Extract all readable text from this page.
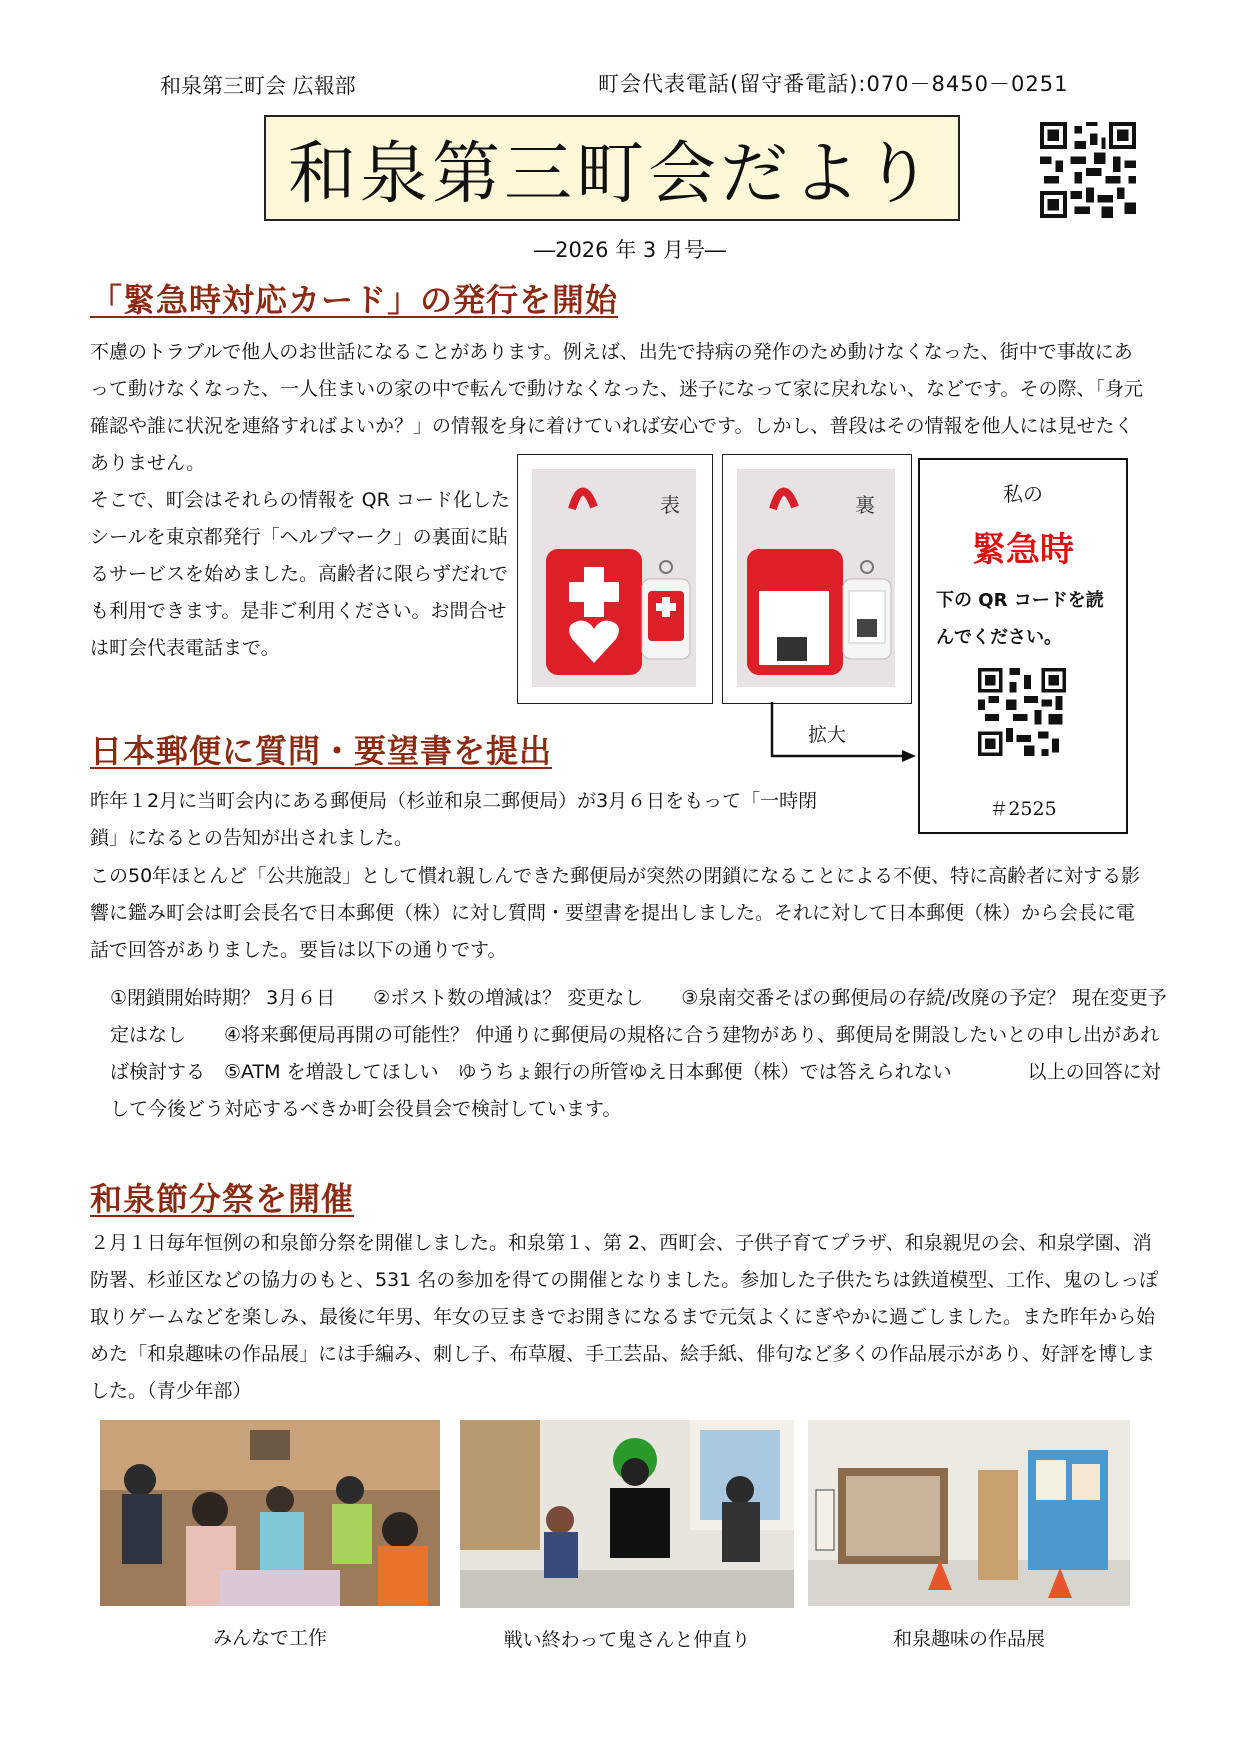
和泉第三町会 広報部	町会代表電話(留守番電話):070－8450－0251
和泉第三町会だより
―2026 年 3 月号―
「緊急時対応カード」の発行を開始
不慮のトラブルで他人のお世話になることがあります。例えば、出先で持病の発作のため動けなくなった、街中で事故にあって動けなくなった、一人住まいの家の中で転んで動けなくなった、迷子になって家に戻れない、などです。その際、「身元確認や誰に状況を連絡すればよいか？」の情報を身に着けていれば安心です。しかし、普段はその情報を他人には見せたくありません。
そこで、町会はそれらの情報を QR コード化したシールを東京都発行「ヘルプマーク」の裏面に貼るサービスを始めました。高齢者に限らずだれでも利用できます。是非ご利用ください。お問合せは町会代表電話まで。
表	裏
拡大
私の
緊急時
下の QR コードを読んでください。
＃2525
日本郵便に質問・要望書を提出
昨年１2月に当町会内にある郵便局（杉並和泉二郵便局）が3月６日をもって「一時閉鎖」になるとの告知が出されました。
この50年ほとんど「公共施設」として慣れ親しんできた郵便局が突然の閉鎖になることによる不便、特に高齢者に対する影響に鑑み町会は町会長名で日本郵便（株）に対し質問・要望書を提出しました。それに対して日本郵便（株）から会長に電話で回答がありました。要旨は以下の通りです。
①閉鎖開始時期？ 3月６日　　②ポスト数の増減は？ 変更なし　　③泉南交番そばの郵便局の存続/改廃の予定？ 現在変更予定はなし　　④将来郵便局再開の可能性？ 仲通りに郵便局の規格に合う建物があり、郵便局を開設したいとの申し出があれば検討する　⑤ATM を増設してほしい　ゆうちょ銀行の所管ゆえ日本郵便（株）では答えられない　　　　以上の回答に対して今後どう対応するべきか町会役員会で検討しています。
和泉節分祭を開催
２月１日毎年恒例の和泉節分祭を開催しました。和泉第１、第 2、西町会、子供子育てプラザ、和泉親児の会、和泉学園、消防署、杉並区などの協力のもと、531 名の参加を得ての開催となりました。参加した子供たちは鉄道模型、工作、鬼のしっぽ取りゲームなどを楽しみ、最後に年男、年女の豆まきでお開きになるまで元気よくにぎやかに過ごしました。また昨年から始めた「和泉趣味の作品展」には手編み、刺し子、布草履、手工芸品、絵手紙、俳句など多くの作品展示があり、好評を博しました。（青少年部）
みんなで工作	戦い終わって鬼さんと仲直り	和泉趣味の作品展
